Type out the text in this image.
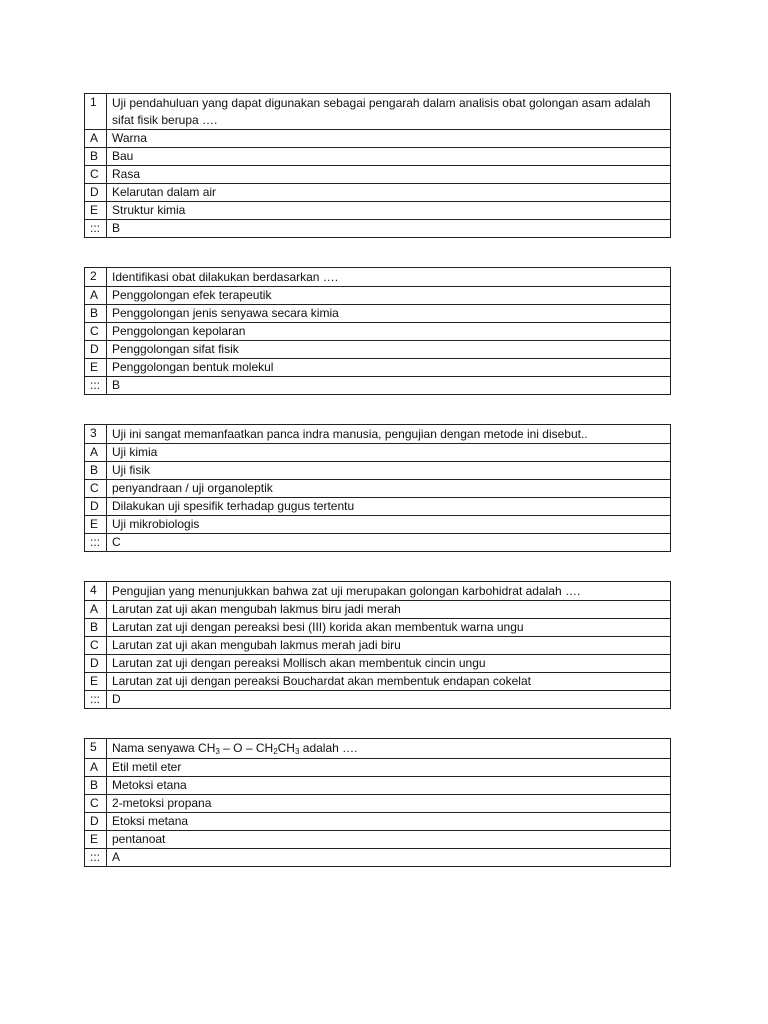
1	Uji pendahuluan yang dapat digunakan sebagai pengarah dalam analisis obat golongan asam adalah sifat fisik berupa ….
A	Warna
B	Bau
C	Rasa
D	Kelarutan dalam air
E	Struktur kimia
:::	B
2	Identifikasi obat dilakukan berdasarkan ….
A	Penggolongan efek terapeutik
B	Penggolongan jenis senyawa secara kimia
C	Penggolongan kepolaran
D	Penggolongan sifat fisik
E	Penggolongan bentuk molekul
:::	B
3	Uji ini sangat memanfaatkan panca indra manusia, pengujian dengan metode ini disebut..
A	Uji kimia
B	Uji fisik
C	penyandraan / uji organoleptik
D	Dilakukan uji spesifik terhadap gugus tertentu
E	Uji mikrobiologis
:::	C
4	Pengujian yang menunjukkan bahwa zat uji merupakan golongan karbohidrat adalah ….
A	Larutan zat uji akan mengubah lakmus biru jadi merah
B	Larutan zat uji dengan pereaksi besi (III) korida akan membentuk warna ungu
C	Larutan zat uji akan mengubah lakmus merah jadi biru
D	Larutan zat uji dengan pereaksi Mollisch akan membentuk cincin ungu
E	Larutan zat uji dengan pereaksi Bouchardat akan membentuk endapan cokelat
:::	D
5	Nama senyawa $CH_3$ – O – $CH_2CH_3$ adalah ….
A	Etil metil eter
B	Metoksi etana
C	2-metoksi propana
D	Etoksi metana
E	pentanoat
:::	A
